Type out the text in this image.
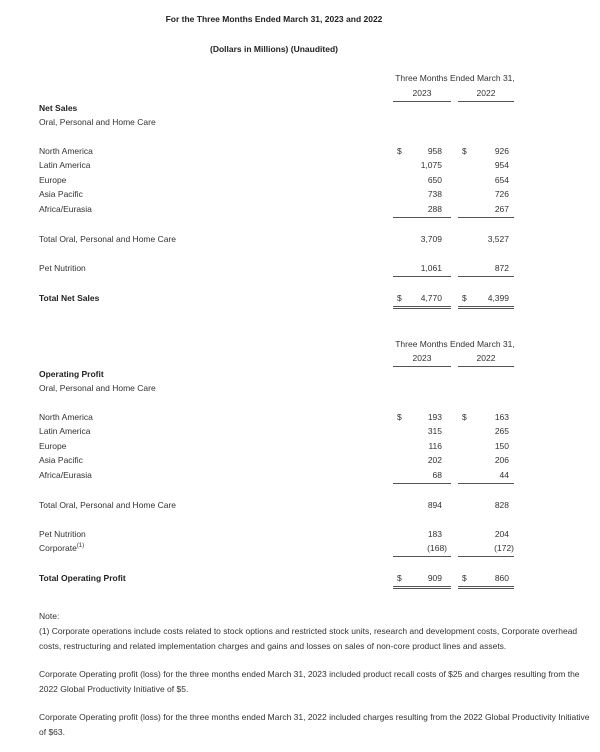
For the Three Months Ended March 31, 2023 and 2022
(Dollars in Millions) (Unaudited)
Three Months Ended March 31,
2023	2022
Net Sales
Oral, Personal and Home Care
North America	$	958 $	926
Latin America	1,075	954
Europe	650	654
Asia Pacific	738	726
Africa/Eurasia	288	267
Total Oral, Personal and Home Care	3,709	3,527
Pet Nutrition	1,061	872
Total Net Sales	$	4,770 $	4,399
Three Months Ended March 31,
2023	2022
Operating Profit
Oral, Personal and Home Care
North America	$	193 $	163
Latin America	315	265
Europe	116	150
Asia Pacific	202	206
Africa/Eurasia	68	44
Total Oral, Personal and Home Care	894	828
Pet Nutrition	183	204
Corporate$^{(1)}$	(168)	(172)
Total Operating Profit	$	909 $	860
Note:
(1) Corporate operations include costs related to stock options and restricted stock units, research and development costs, Corporate overhead costs, restructuring and related implementation charges and gains and losses on sales of non-core product lines and assets.
Corporate Operating profit (loss) for the three months ended March 31, 2023 included product recall costs of $25 and charges resulting from the 2022 Global Productivity Initiative of $5.
Corporate Operating profit (loss) for the three months ended March 31, 2022 included charges resulting from the 2022 Global Productivity Initiative of $63.
